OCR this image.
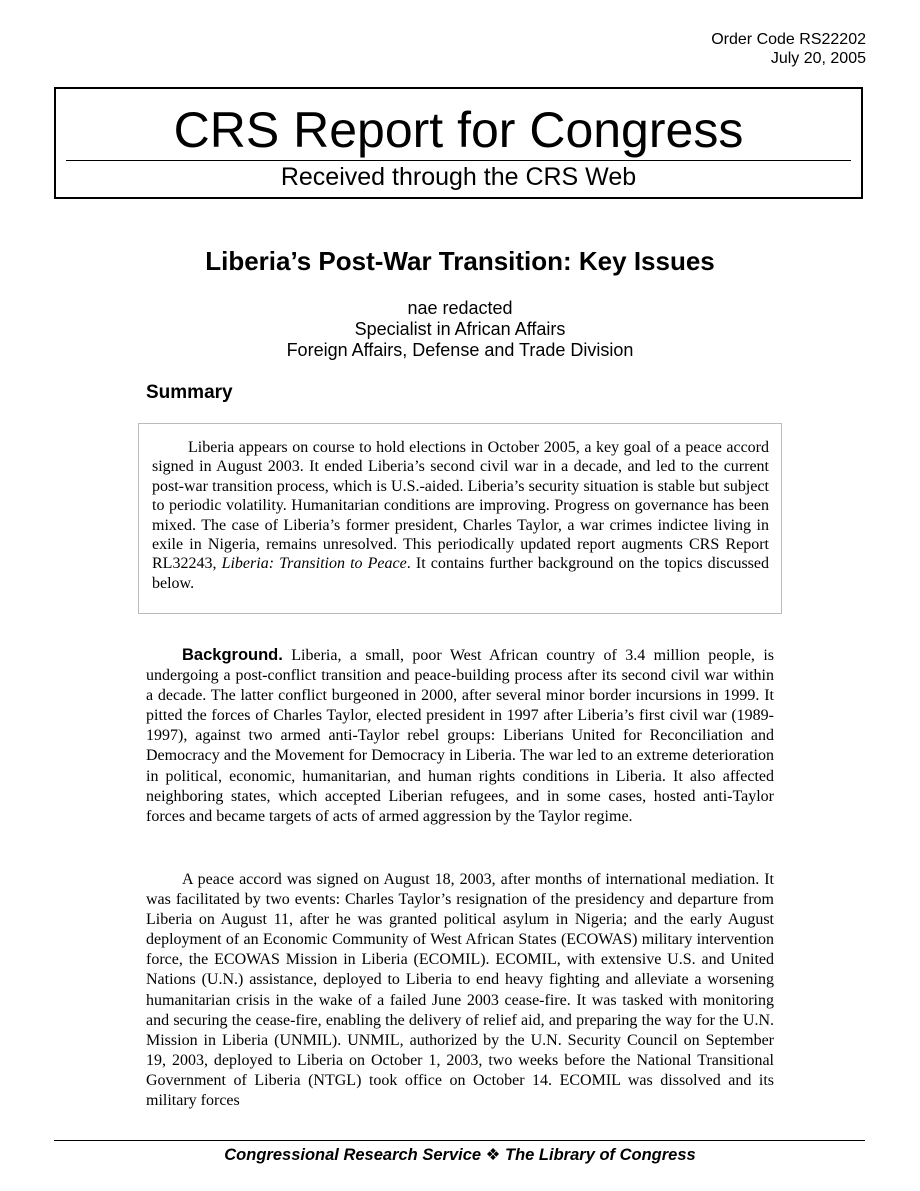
Order Code RS22202
July 20, 2005
CRS Report for Congress
Received through the CRS Web
Liberia’s Post-War Transition: Key Issues
nae redacted
Specialist in African Affairs
Foreign Affairs, Defense and Trade Division
Summary

Liberia appears on course to hold elections in October 2005, a key goal of a peace accord signed in August 2003. It ended Liberia’s second civil war in a decade, and led to the current post-war transition process, which is U.S.-aided. Liberia’s security situation is stable but subject to periodic volatility. Humanitarian conditions are improving. Progress on governance has been mixed. The case of Liberia’s former president, Charles Taylor, a war crimes indictee living in exile in Nigeria, remains unresolved. This periodically updated report augments CRS Report RL32243, Liberia: Transition to Peace. It contains further background on the topics discussed below.

Background. Liberia, a small, poor West African country of 3.4 million people, is undergoing a post-conflict transition and peace-building process after its second civil war within a decade. The latter conflict burgeoned in 2000, after several minor border incursions in 1999. It pitted the forces of Charles Taylor, elected president in 1997 after Liberia’s first civil war (1989-1997), against two armed anti-Taylor rebel groups: Liberians United for Reconciliation and Democracy and the Movement for Democracy in Liberia. The war led to an extreme deterioration in political, economic, humanitarian, and human rights conditions in Liberia. It also affected neighboring states, which accepted Liberian refugees, and in some cases, hosted anti-Taylor forces and became targets of acts of armed aggression by the Taylor regime.

A peace accord was signed on August 18, 2003, after months of international mediation. It was facilitated by two events: Charles Taylor’s resignation of the presidency and departure from Liberia on August 11, after he was granted political asylum in Nigeria; and the early August deployment of an Economic Community of West African States (ECOWAS) military intervention force, the ECOWAS Mission in Liberia (ECOMIL). ECOMIL, with extensive U.S. and United Nations (U.N.) assistance, deployed to Liberia to end heavy fighting and alleviate a worsening humanitarian crisis in the wake of a failed June 2003 cease-fire. It was tasked with monitoring and securing the cease-fire, enabling the delivery of relief aid, and preparing the way for the U.N. Mission in Liberia (UNMIL). UNMIL, authorized by the U.N. Security Council on September 19, 2003, deployed to Liberia on October 1, 2003, two weeks before the National Transitional Government of Liberia (NTGL) took office on October 14. ECOMIL was dissolved and its military forces

Congressional Research Service ❖ The Library of Congress
